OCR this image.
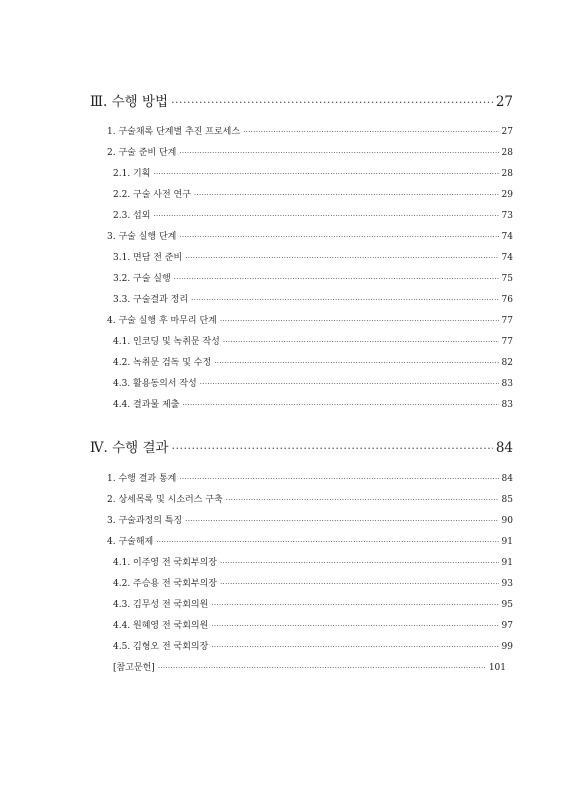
Ⅲ. 수행 방법 ·····	27
1. 구술채록 단계별 추진 프로세스 ·····	27
2. 구술 준비 단계 ·····	28
2.1. 기획 ·····	28
2.2. 구술 사전 연구 ·····	29
2.3. 섭외 ·····	73
3. 구술 실행 단계 ·····	74
3.1. 면담 전 준비 ·····	74
3.2. 구술 실행 ·····	75
3.3. 구술결과 정리 ·····	76
4. 구술 실행 후 마무리 단계 ·····	77
4.1. 인코딩 및 녹취문 작성 ·····	77
4.2. 녹취문 검독 및 수정 ·····	82
4.3. 활용동의서 작성 ·····	83
4.4. 결과물 제출 ·····	83
Ⅳ. 수행 결과 ·····	84
1. 수행 결과 통계 ·····	84
2. 상세목록 및 시소러스 구축 ·····	85
3. 구술과정의 특징 ·····	90
4. 구술해제 ·····	91
4.1. 이주영 전 국회부의장 ·····	91
4.2. 주승용 전 국회부의장 ·····	93
4.3. 김무성 전 국회의원 ·····	95
4.4. 원혜영 전 국회의원 ·····	97
4.5. 김형오 전 국회의장 ·····	99
[참고문헌] ·····	101
